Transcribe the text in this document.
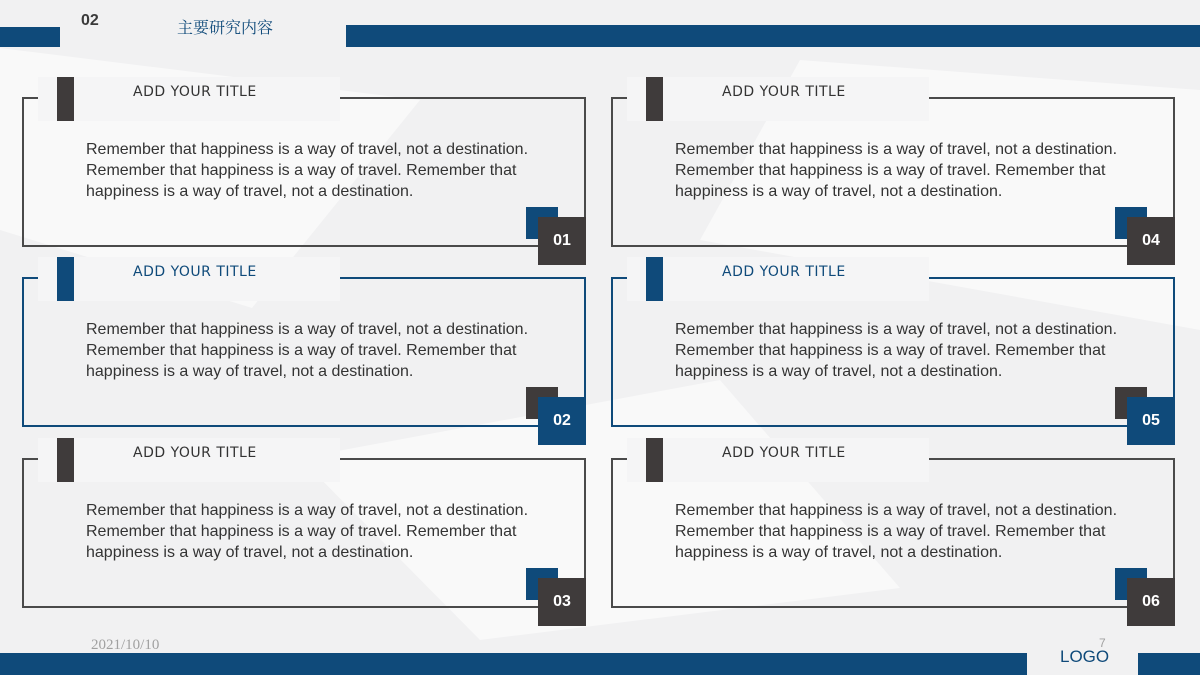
02	主要研究内容
ADD YOUR TITLE
Remember that happiness is a way of travel, not a destination. Remember that happiness is a way of travel. Remember that happiness is a way of travel, not a destination.
01
ADD YOUR TITLE
Remember that happiness is a way of travel, not a destination. Remember that happiness is a way of travel. Remember that happiness is a way of travel, not a destination.
02
ADD YOUR TITLE
Remember that happiness is a way of travel, not a destination. Remember that happiness is a way of travel. Remember that happiness is a way of travel, not a destination.
03
ADD YOUR TITLE
Remember that happiness is a way of travel, not a destination. Remember that happiness is a way of travel. Remember that happiness is a way of travel, not a destination.
04
ADD YOUR TITLE
Remember that happiness is a way of travel, not a destination. Remember that happiness is a way of travel. Remember that happiness is a way of travel, not a destination.
05
ADD YOUR TITLE
Remember that happiness is a way of travel, not a destination. Remember that happiness is a way of travel. Remember that happiness is a way of travel, not a destination.
06
2021/10/10	7
LOGO
